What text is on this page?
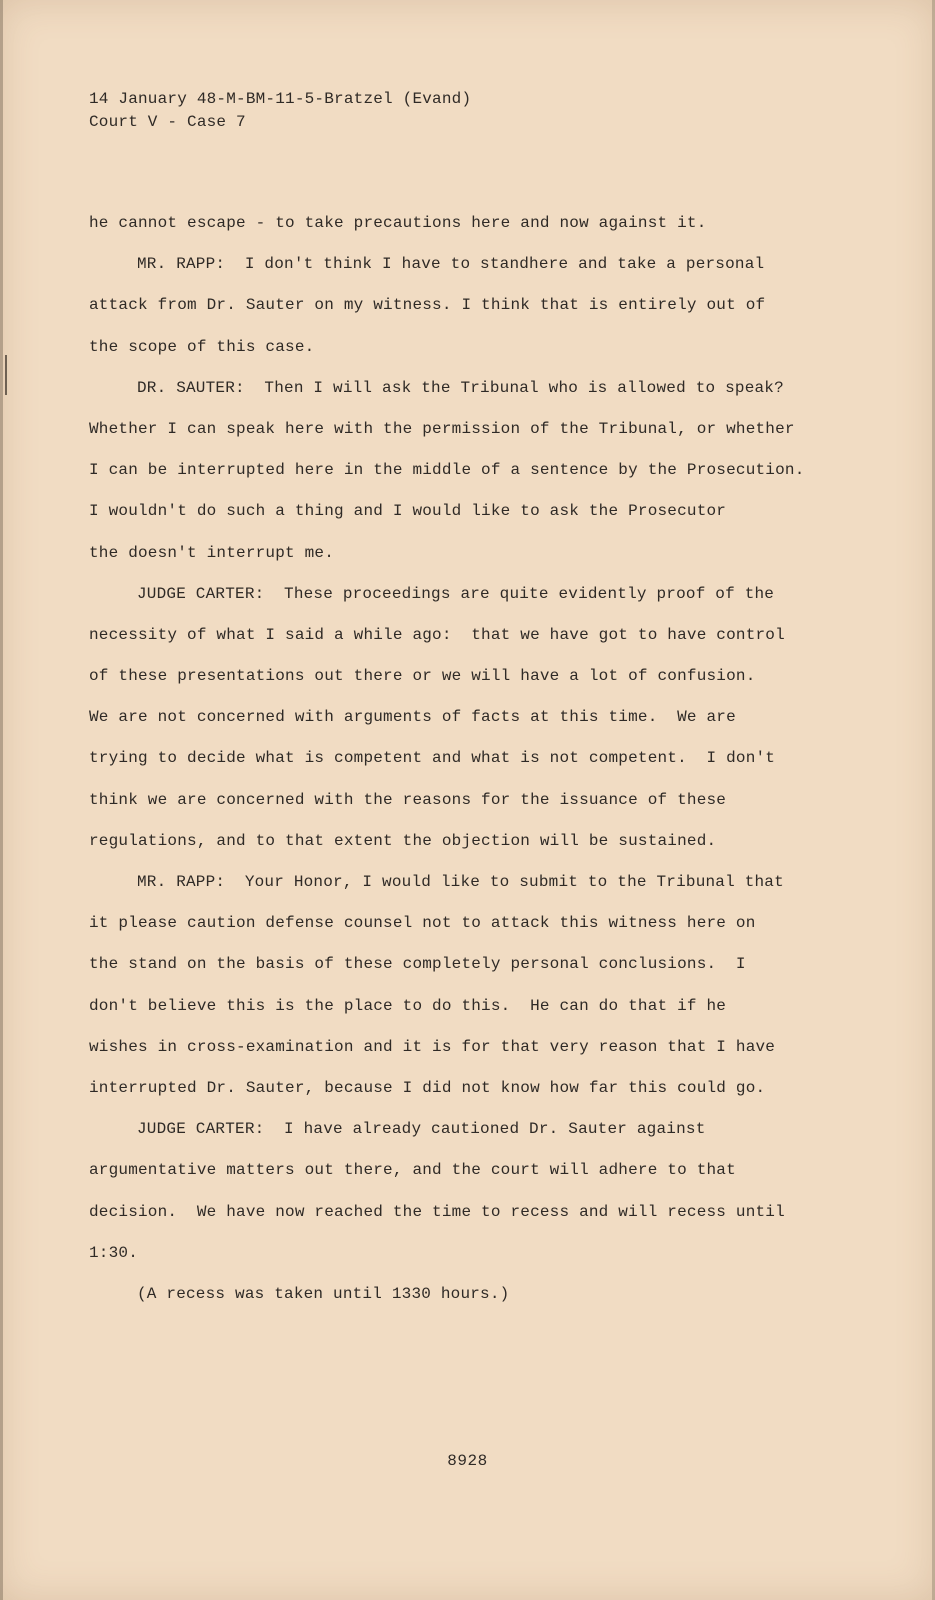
14 January 48-M-BM-11-5-Bratzel (Evand)
Court V - Case 7
he cannot escape - to take precautions here and now against it.
MR. RAPP:  I don't think I have to standhere and take a personal
attack from Dr. Sauter on my witness. I think that is entirely out of
the scope of this case.
DR. SAUTER:  Then I will ask the Tribunal who is allowed to speak?
Whether I can speak here with the permission of the Tribunal, or whether
I can be interrupted here in the middle of a sentence by the Prosecution.
I wouldn't do such a thing and I would like to ask the Prosecutor
the doesn't interrupt me.
JUDGE CARTER:  These proceedings are quite evidently proof of the
necessity of what I said a while ago:  that we have got to have control
of these presentations out there or we will have a lot of confusion.
We are not concerned with arguments of facts at this time.  We are
trying to decide what is competent and what is not competent.  I don't
think we are concerned with the reasons for the issuance of these
regulations, and to that extent the objection will be sustained.
MR. RAPP:  Your Honor, I would like to submit to the Tribunal that
it please caution defense counsel not to attack this witness here on
the stand on the basis of these completely personal conclusions.  I
don't believe this is the place to do this.  He can do that if he
wishes in cross-examination and it is for that very reason that I have
interrupted Dr. Sauter, because I did not know how far this could go.
JUDGE CARTER:  I have already cautioned Dr. Sauter against
argumentative matters out there, and the court will adhere to that
decision.  We have now reached the time to recess and will recess until
1:30.
(A recess was taken until 1330 hours.)
8928
